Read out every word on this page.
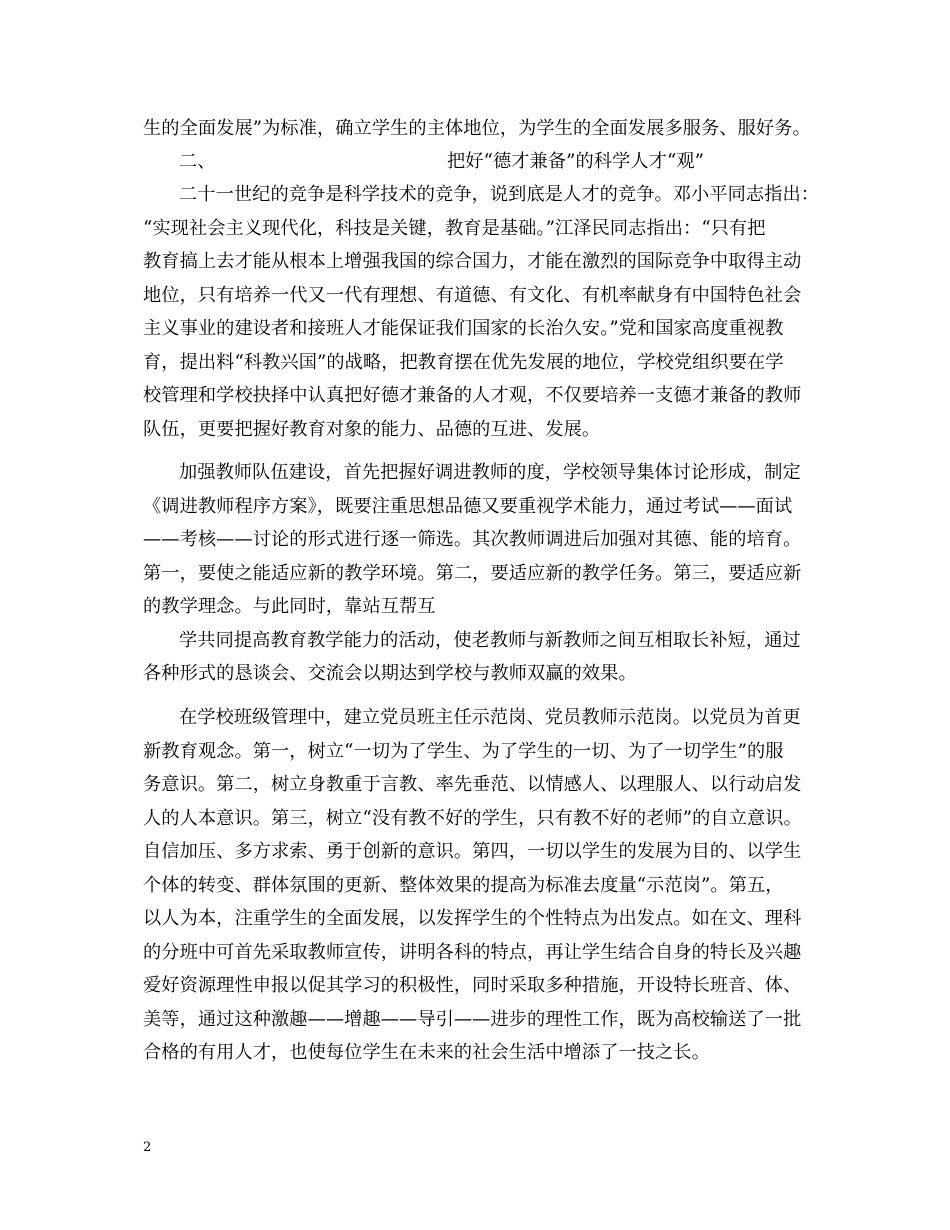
生的全面发展”为标准，确立学生的主体地位，为学生的全面发展多服务、服好务。
二、	把好“德才兼备”的科学人才“观”
二十一世纪的竞争是科学技术的竞争，说到底是人才的竞争。邓小平同志指出：
“实现社会主义现代化，科技是关键，教育是基础。”江泽民同志指出：“只有把
教育搞上去才能从根本上增强我国的综合国力，才能在激烈的国际竞争中取得主动
地位，只有培养一代又一代有理想、有道德、有文化、有机率献身有中国特色社会
主义事业的建设者和接班人才能保证我们国家的长治久安。”党和国家高度重视教
育，提出料“科教兴国”的战略，把教育摆在优先发展的地位，学校党组织要在学
校管理和学校抉择中认真把好德才兼备的人才观，不仅要培养一支德才兼备的教师
队伍，更要把握好教育对象的能力、品德的互进、发展。
加强教师队伍建设，首先把握好调进教师的度，学校领导集体讨论形成，制定
《调进教师程序方案》，既要注重思想品德又要重视学术能力，通过考试——面试
——考核——讨论的形式进行逐一筛选。其次教师调进后加强对其德、能的培育。
第一，要使之能适应新的教学环境。第二，要适应新的教学任务。第三，要适应新
的教学理念。与此同时，靠站互帮互
学共同提高教育教学能力的活动，使老教师与新教师之间互相取长补短，通过
各种形式的恳谈会、交流会以期达到学校与教师双赢的效果。
在学校班级管理中，建立党员班主任示范岗、党员教师示范岗。以党员为首更
新教育观念。第一，树立“一切为了学生、为了学生的一切、为了一切学生”的服
务意识。第二，树立身教重于言教、率先垂范、以情感人、以理服人、以行动启发
人的人本意识。第三，树立“没有教不好的学生，只有教不好的老师”的自立意识。
自信加压、多方求索、勇于创新的意识。第四，一切以学生的发展为目的、以学生
个体的转变、群体氛围的更新、整体效果的提高为标准去度量“示范岗”。第五，
以人为本，注重学生的全面发展，以发挥学生的个性特点为出发点。如在文、理科
的分班中可首先采取教师宣传，讲明各科的特点，再让学生结合自身的特长及兴趣
爱好资源理性申报以促其学习的积极性，同时采取多种措施，开设特长班音、体、
美等，通过这种激趣——增趣——导引——进步的理性工作，既为高校输送了一批
合格的有用人才，也使每位学生在未来的社会生活中增添了一技之长。
2
